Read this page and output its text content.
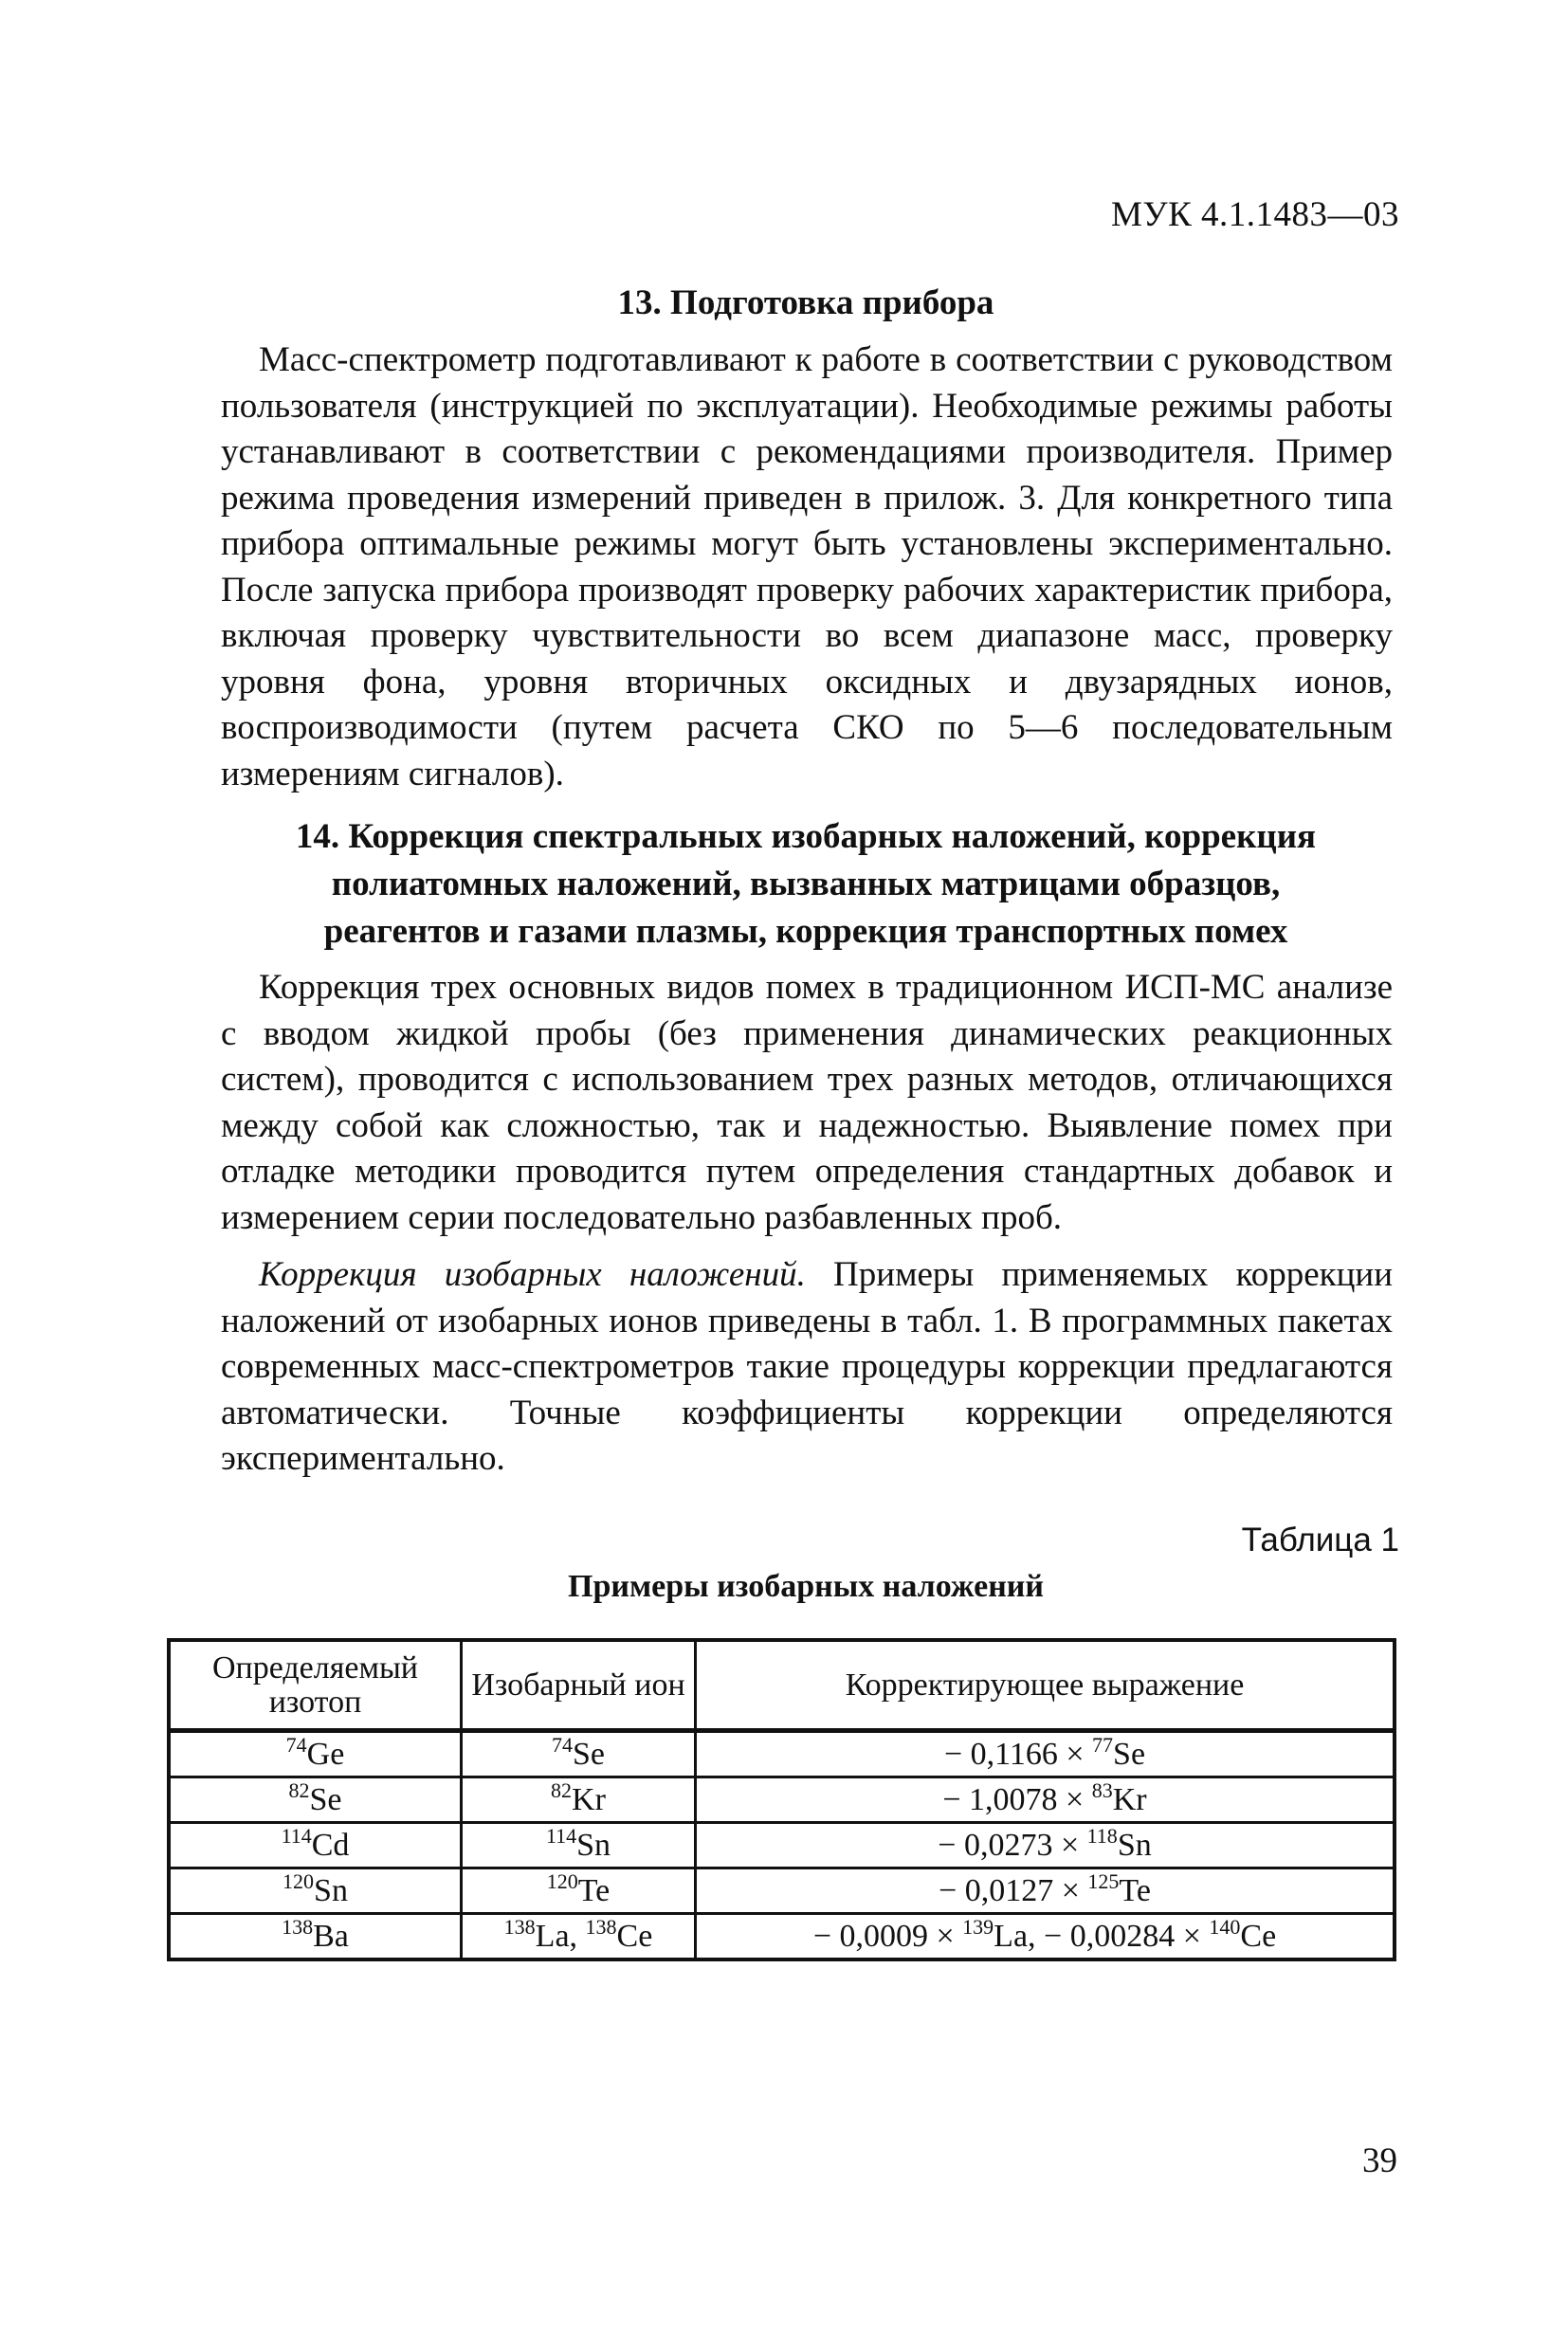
МУК 4.1.1483—03
13. Подготовка прибора

Масс-спектрометр подготавливают к работе в соответствии с руководством пользователя (инструкцией по эксплуатации). Необходимые режимы работы устанавливают в соответствии с рекомендациями производителя. Пример режима проведения измерений приведен в прилож. 3. Для конкретного типа прибора оптимальные режимы могут быть установлены экспериментально. После запуска прибора производят проверку рабочих характеристик прибора, включая проверку чувствительности во всем диапазоне масс, проверку уровня фона, уровня вторичных оксидных и двузарядных ионов, воспроизводимости (путем расчета СКО по 5—6 последовательным измерениям сигналов).

14. Коррекция спектральных изобарных наложений, коррекция
полиатомных наложений, вызванных матрицами образцов,
реагентов и газами плазмы, коррекция транспортных помех

Коррекция трех основных видов помех в традиционном ИСП-МС анализе с вводом жидкой пробы (без применения динамических реакционных систем), проводится с использованием трех разных методов, отличающихся между собой как сложностью, так и надежностью. Выявление помех при отладке методики проводится путем определения стандартных добавок и измерением серии последовательно разбавленных проб.

Коррекция изобарных наложений. Примеры применяемых коррекции наложений от изобарных ионов приведены в табл. 1. В программных пакетах современных масс-спектрометров такие процедуры коррекции предлагаются автоматически. Точные коэффициенты коррекции определяются экспериментально.

Таблица 1
Примеры изобарных наложений
Определяемый изотоп	Изобарный ион	Корректирующее выражение
$^{74}$Ge	$^{74}$Se	− 0,1166 × $^{77}$Se
$^{82}$Se	$^{82}$Kr	− 1,0078 × $^{83}$Kr
$^{114}$Cd	$^{114}$Sn	− 0,0273 × $^{118}$Sn
$^{120}$Sn	$^{120}$Te	− 0,0127 × $^{125}$Te
$^{138}$Ba	$^{138}$La, $^{138}$Ce	− 0,0009 × $^{139}$La, − 0,00284 × $^{140}$Ce
39
